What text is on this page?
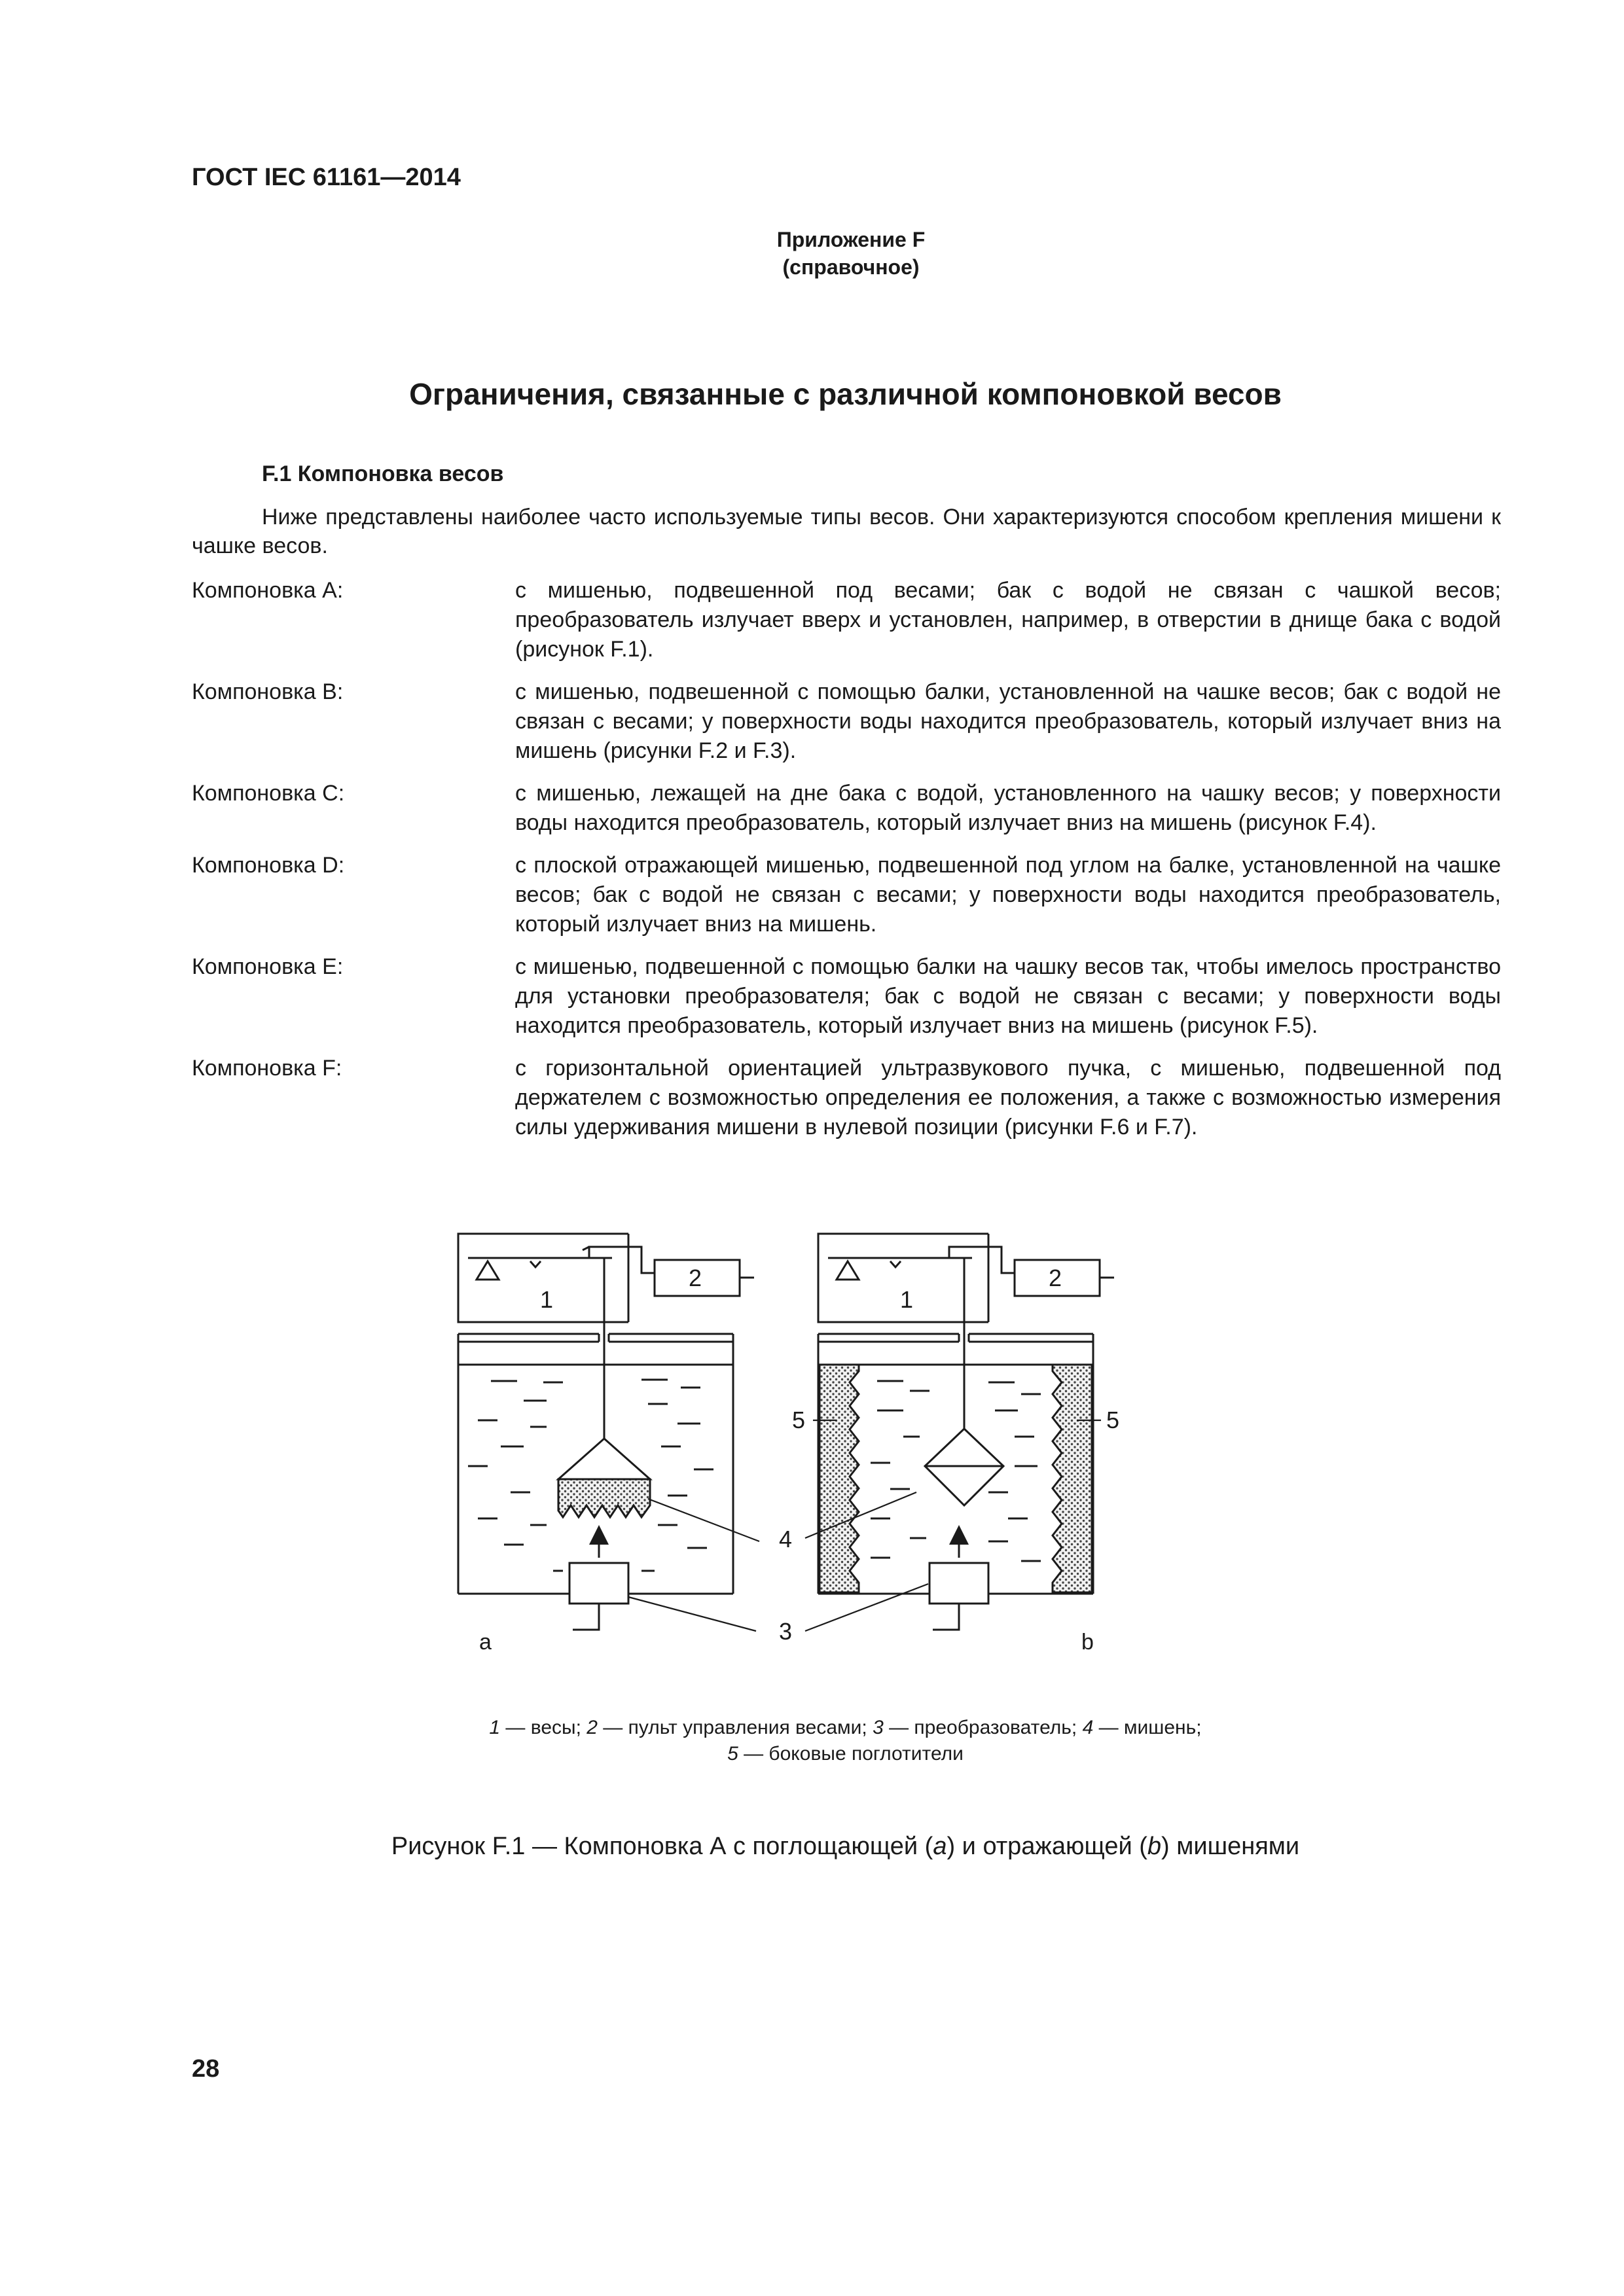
ГОСТ IEC 61161—2014
Приложение F
(справочное)
Ограничения, связанные с различной компоновкой весов
F.1 Компоновка весов
Ниже представлены наиболее часто используемые типы весов. Они характеризуются способом крепления мишени к чашке весов.
Компоновка А:	с мишенью, подвешенной под весами; бак с водой не связан с чашкой весов; преобразователь излучает вверх и установлен, например, в отверстии в днище бака с водой (рисунок F.1).
Компоновка В:	с мишенью, подвешенной с помощью балки, установленной на чашке весов; бак с водой не связан с весами; у поверхности воды находится преобразователь, который излучает вниз на мишень (рисунки F.2 и F.3).
Компоновка С:	с мишенью, лежащей на дне бака с водой, установленного на чашку весов; у поверхности воды находится преобразователь, который излучает вниз на мишень (рисунок F.4).
Компоновка D:	с плоской отражающей мишенью, подвешенной под углом на балке, установленной на чашке весов; бак с водой не связан с весами; у поверхности воды находится преобразователь, который излучает вниз на мишень.
Компоновка Е:	с мишенью, подвешенной с помощью балки на чашку весов так, чтобы имелось пространство для установки преобразователя; бак с водой не связан с весами; у поверхности воды находится преобразователь, который излучает вниз на мишень (рисунок F.5).
Компоновка F:	с горизонтальной ориентацией ультразвукового пучка, с мишенью, подвешенной под держателем с возможностью определения ее положения, а также с возможностью измерения силы удерживания мишени в нулевой позиции (рисунки F.6 и F.7).
1
2
1
2
4
3
5	5
a	b
1 — весы; 2 — пульт управления весами; 3 — преобразователь; 4 — мишень;
5 — боковые поглотители
Рисунок F.1 — Компоновка А с поглощающей (a) и отражающей (b) мишенями
28
